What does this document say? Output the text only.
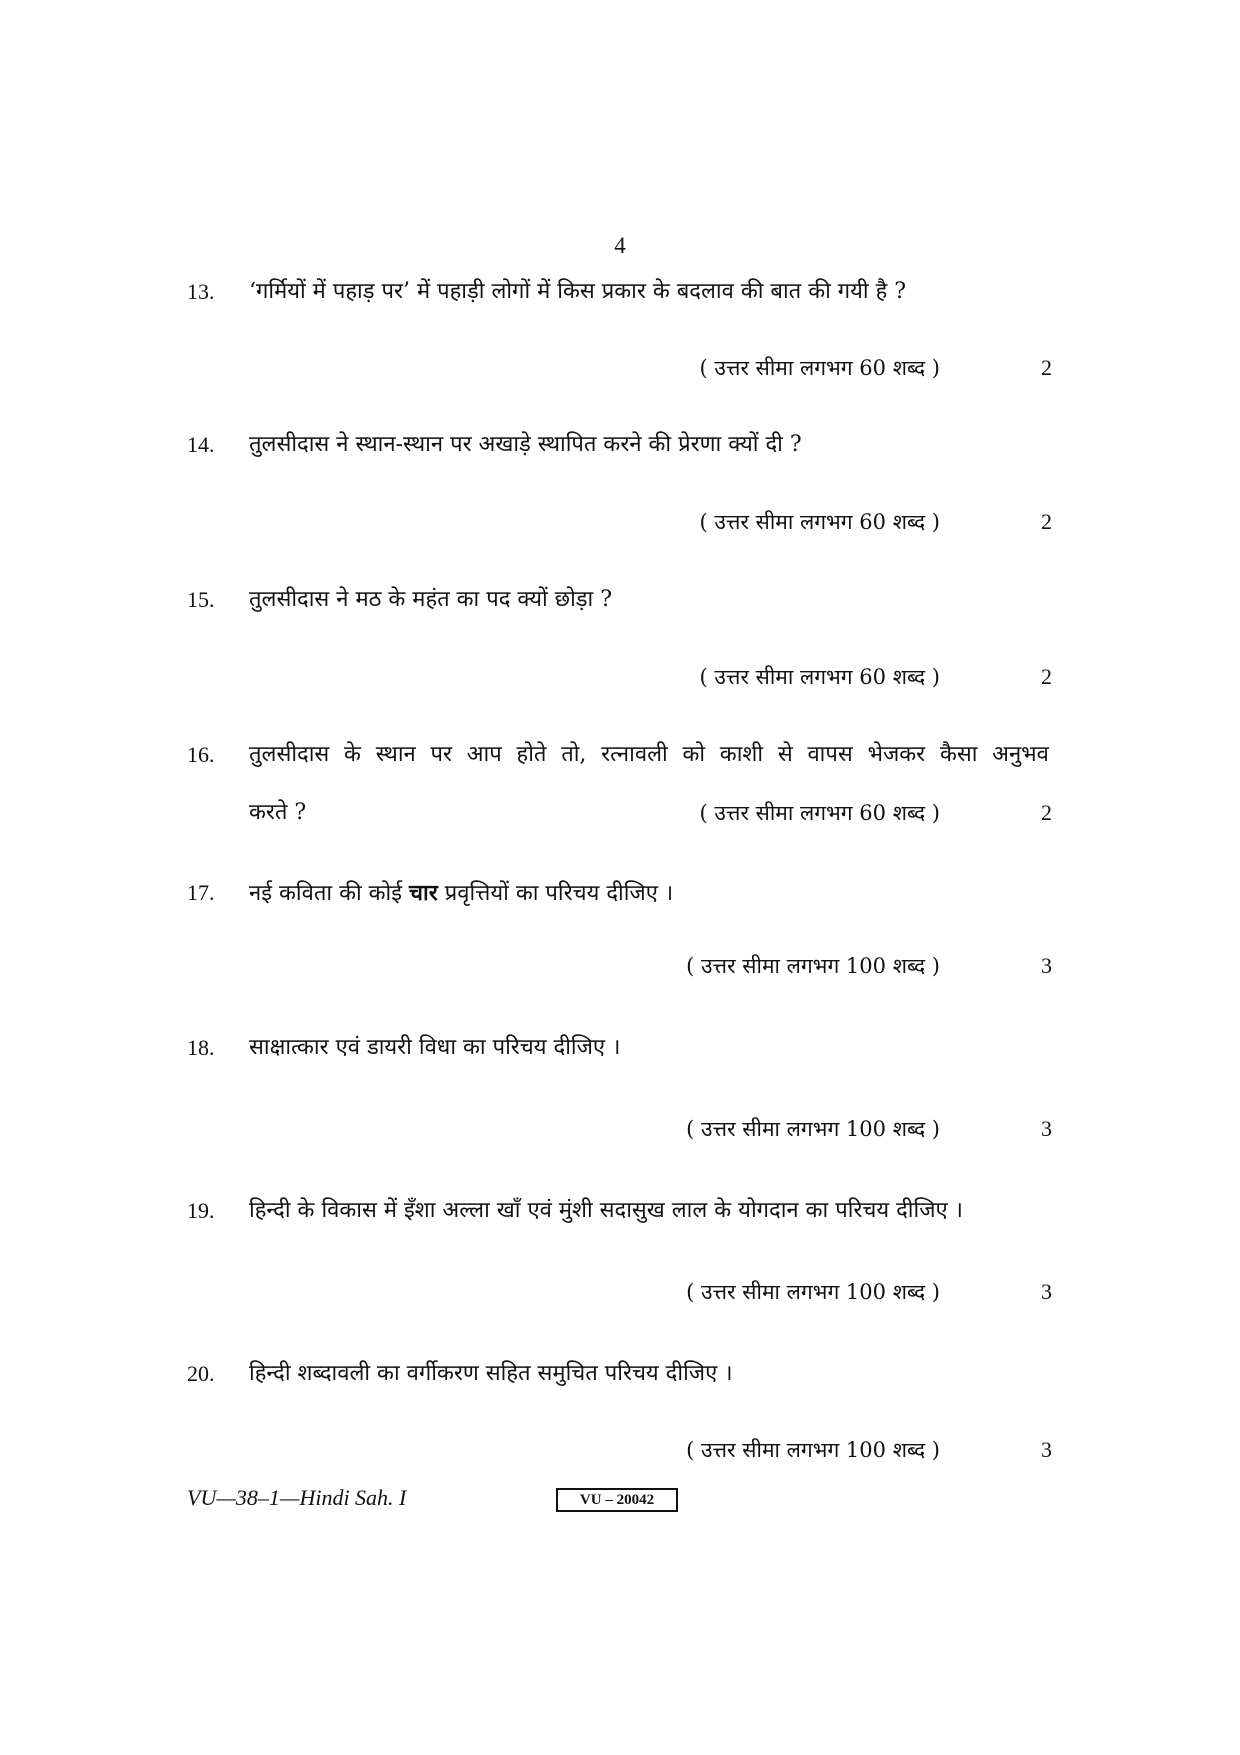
4
13. ‘गर्मियों में पहाड़ पर’ में पहाड़ी लोगों में किस प्रकार के बदलाव की बात की गयी है ?
( उत्तर सीमा लगभग 60 शब्द )	2
14. तुलसीदास ने स्थान-स्थान पर अखाड़े स्थापित करने की प्रेरणा क्यों दी ?
( उत्तर सीमा लगभग 60 शब्द )	2
15. तुलसीदास ने मठ के महंत का पद क्यों छोड़ा ?
( उत्तर सीमा लगभग 60 शब्द )	2
16. तुलसीदास के स्थान पर आप होते तो, रत्नावली को काशी से वापस भेजकर कैसा अनुभव
करते ?	( उत्तर सीमा लगभग 60 शब्द )	2
17. नई कविता की कोई चार प्रवृत्तियों का परिचय दीजिए ।
( उत्तर सीमा लगभग 100 शब्द )	3
18. साक्षात्कार एवं डायरी विधा का परिचय दीजिए ।
( उत्तर सीमा लगभग 100 शब्द )	3
19. हिन्दी के विकास में इँशा अल्ला खाँ एवं मुंशी सदासुख लाल के योगदान का परिचय दीजिए ।
( उत्तर सीमा लगभग 100 शब्द )	3
20. हिन्दी शब्दावली का वर्गीकरण सहित समुचित परिचय दीजिए ।
( उत्तर सीमा लगभग 100 शब्द )	3
VU—38–1—Hindi Sah. I	VU – 20042
